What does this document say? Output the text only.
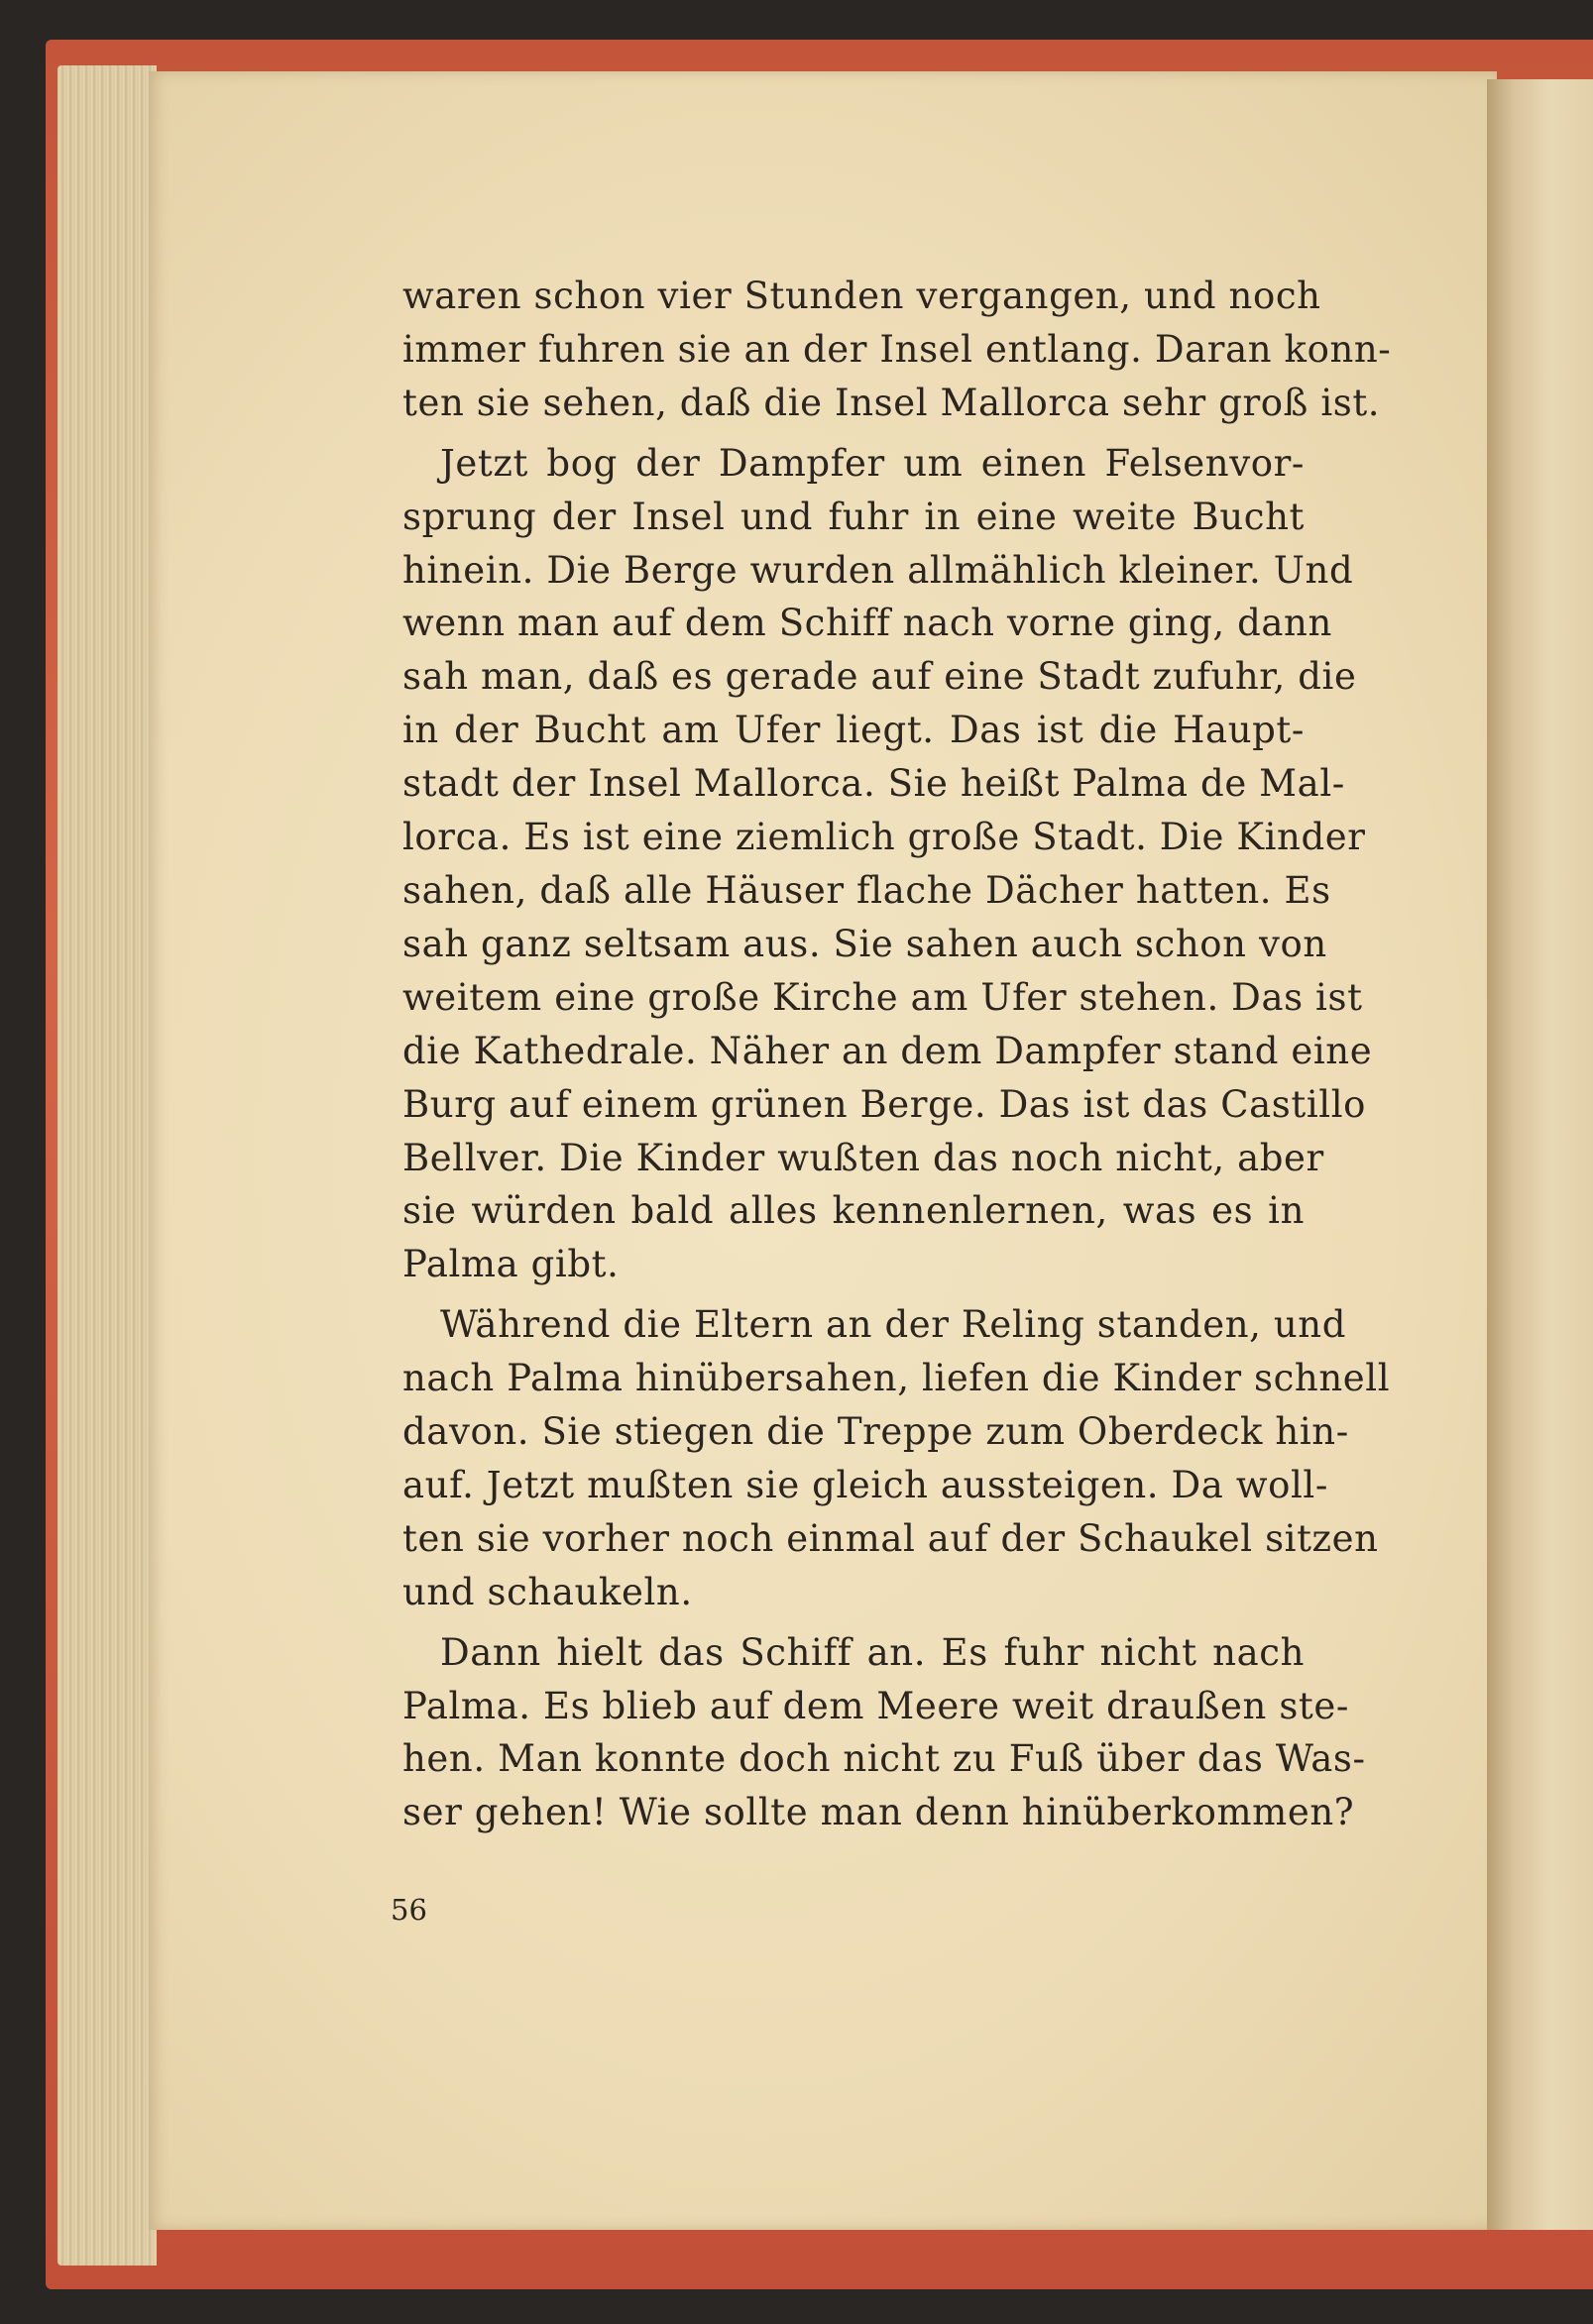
waren schon vier Stunden vergangen, und noch
immer fuhren sie an der Insel entlang. Daran konn-
ten sie sehen, daß die Insel Mallorca sehr groß ist.

Jetzt bog der Dampfer um einen Felsenvor-
sprung der Insel und fuhr in eine weite Bucht
hinein. Die Berge wurden allmählich kleiner. Und
wenn man auf dem Schiff nach vorne ging, dann
sah man, daß es gerade auf eine Stadt zufuhr, die
in der Bucht am Ufer liegt. Das ist die Haupt-
stadt der Insel Mallorca. Sie heißt Palma de Mal-
lorca. Es ist eine ziemlich große Stadt. Die Kinder
sahen, daß alle Häuser flache Dächer hatten. Es
sah ganz seltsam aus. Sie sahen auch schon von
weitem eine große Kirche am Ufer stehen. Das ist
die Kathedrale. Näher an dem Dampfer stand eine
Burg auf einem grünen Berge. Das ist das Castillo
Bellver. Die Kinder wußten das noch nicht, aber
sie würden bald alles kennenlernen, was es in
Palma gibt.

Während die Eltern an der Reling standen, und
nach Palma hinübersahen, liefen die Kinder schnell
davon. Sie stiegen die Treppe zum Oberdeck hin-
auf. Jetzt mußten sie gleich aussteigen. Da woll-
ten sie vorher noch einmal auf der Schaukel sitzen
und schaukeln.

Dann hielt das Schiff an. Es fuhr nicht nach
Palma. Es blieb auf dem Meere weit draußen ste-
hen. Man konnte doch nicht zu Fuß über das Was-
ser gehen! Wie sollte man denn hinüberkommen?

56
